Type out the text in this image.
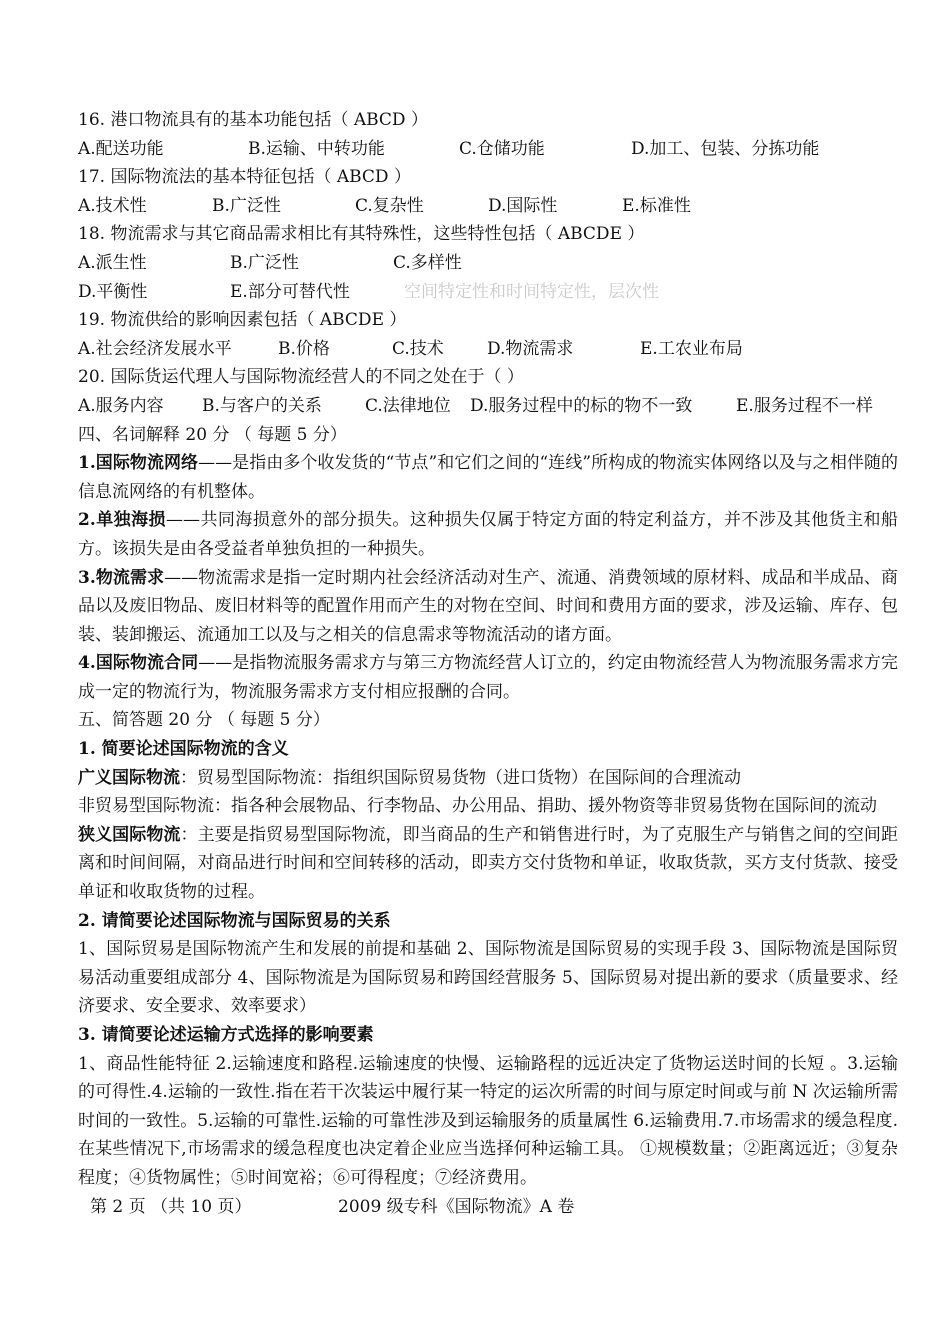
16. 港口物流具有的基本功能包括（ ABCD ）
A.配送功能	B.运输、中转功能	C.仓储功能	D.加工、包装、分拣功能
17. 国际物流法的基本特征包括（ ABCD ）
A.技术性	B.广泛性	C.复杂性	D.国际性	E.标准性
18. 物流需求与其它商品需求相比有其特殊性，这些特性包括（ ABCDE ）
A.派生性	B.广泛性	C.多样性
D.平衡性	E.部分可替代性	空间特定性和时间特定性，层次性
19. 物流供给的影响因素包括（ ABCDE ）
A.社会经济发展水平	B.价格	C.技术	D.物流需求	E.工农业布局
20. 国际货运代理人与国际物流经营人的不同之处在于（ ）
A.服务内容 B.与客户的关系	C.法律地位 D.服务过程中的标的物不一致	E.服务过程不一样
四、名词解释 20 分 （ 每题 5 分）
1.国际物流网络——是指由多个收发货的“节点”和它们之间的“连线”所构成的物流实体网络以及与之相伴随的信息流网络的有机整体。
2.单独海损——共同海损意外的部分损失。这种损失仅属于特定方面的特定利益方，并不涉及其他货主和船方。该损失是由各受益者单独负担的一种损失。
3.物流需求——物流需求是指一定时期内社会经济活动对生产、流通、消费领域的原材料、成品和半成品、商品以及废旧物品、废旧材料等的配置作用而产生的对物在空间、时间和费用方面的要求，涉及运输、库存、包装、装卸搬运、流通加工以及与之相关的信息需求等物流活动的诸方面。
4.国际物流合同——是指物流服务需求方与第三方物流经营人订立的，约定由物流经营人为物流服务需求方完成一定的物流行为，物流服务需求方支付相应报酬的合同。
五、简答题 20 分 （ 每题 5 分）
1. 简要论述国际物流的含义
广义国际物流：贸易型国际物流：指组织国际贸易货物（进口货物）在国际间的合理流动
非贸易型国际物流：指各种会展物品、行李物品、办公用品、捐助、援外物资等非贸易货物在国际间的流动
狭义国际物流：主要是指贸易型国际物流，即当商品的生产和销售进行时，为了克服生产与销售之间的空间距离和时间间隔，对商品进行时间和空间转移的活动，即卖方交付货物和单证，收取货款，买方支付货款、接受单证和收取货物的过程。
2. 请简要论述国际物流与国际贸易的关系
1、国际贸易是国际物流产生和发展的前提和基础 2、国际物流是国际贸易的实现手段 3、国际物流是国际贸易活动重要组成部分 4、国际物流是为国际贸易和跨国经营服务 5、国际贸易对提出新的要求（质量要求、经济要求、安全要求、效率要求）
3. 请简要论述运输方式选择的影响要素
1、商品性能特征 2.运输速度和路程.运输速度的快慢、运输路程的远近决定了货物运送时间的长短 。3.运输的可得性.4.运输的一致性.指在若干次装运中履行某一特定的运次所需的时间与原定时间或与前 N 次运输所需时间的一致性。5.运输的可靠性.运输的可靠性涉及到运输服务的质量属性 6.运输费用.7.市场需求的缓急程度.在某些情况下,市场需求的缓急程度也决定着企业应当选择何种运输工具。 ①规模数量；②距离远近；③复杂程度；④货物属性；⑤时间宽裕；⑥可得程度；⑦经济费用。
第 2 页 （共 10 页）	2009 级专科《国际物流》A 卷
